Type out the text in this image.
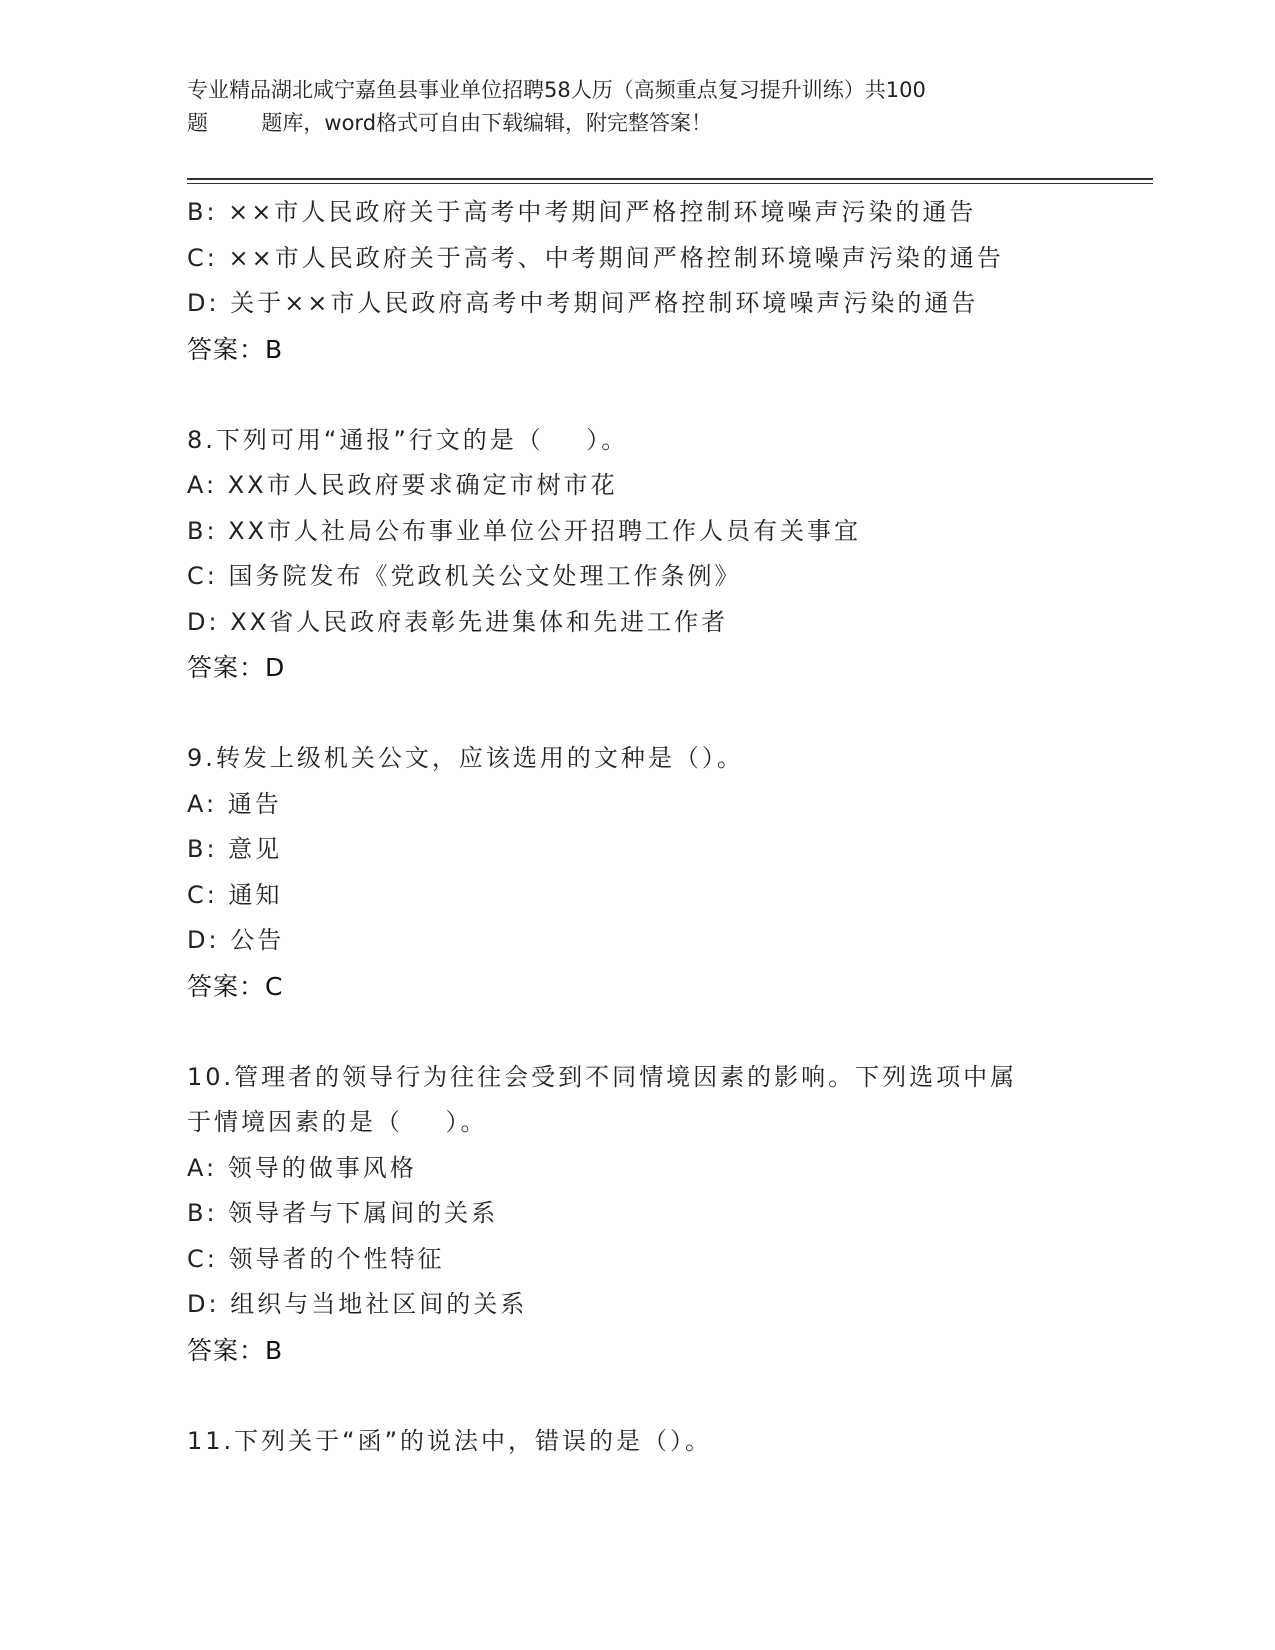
专业精品湖北咸宁嘉鱼县事业单位招聘58人历（高频重点复习提升训练）共100
题        题库，word格式可自由下载编辑，附完整答案！
B: ××市人民政府关于高考中考期间严格控制环境噪声污染的通告
C: ××市人民政府关于高考、中考期间严格控制环境噪声污染的通告
D: 关于××市人民政府高考中考期间严格控制环境噪声污染的通告
答案：B
8.下列可用“通报”行文的是（    ）。
A: XX市人民政府要求确定市树市花
B: XX市人社局公布事业单位公开招聘工作人员有关事宜
C: 国务院发布《党政机关公文处理工作条例》
D: XX省人民政府表彰先进集体和先进工作者
答案：D
9.转发上级机关公文，应该选用的文种是（）。
A: 通告
B: 意见
C: 通知
D: 公告
答案：C
10.管理者的领导行为往往会受到不同情境因素的影响。下列选项中属
于情境因素的是（    ）。
A: 领导的做事风格
B: 领导者与下属间的关系
C: 领导者的个性特征
D: 组织与当地社区间的关系
答案：B
11.下列关于“函”的说法中，错误的是（）。
